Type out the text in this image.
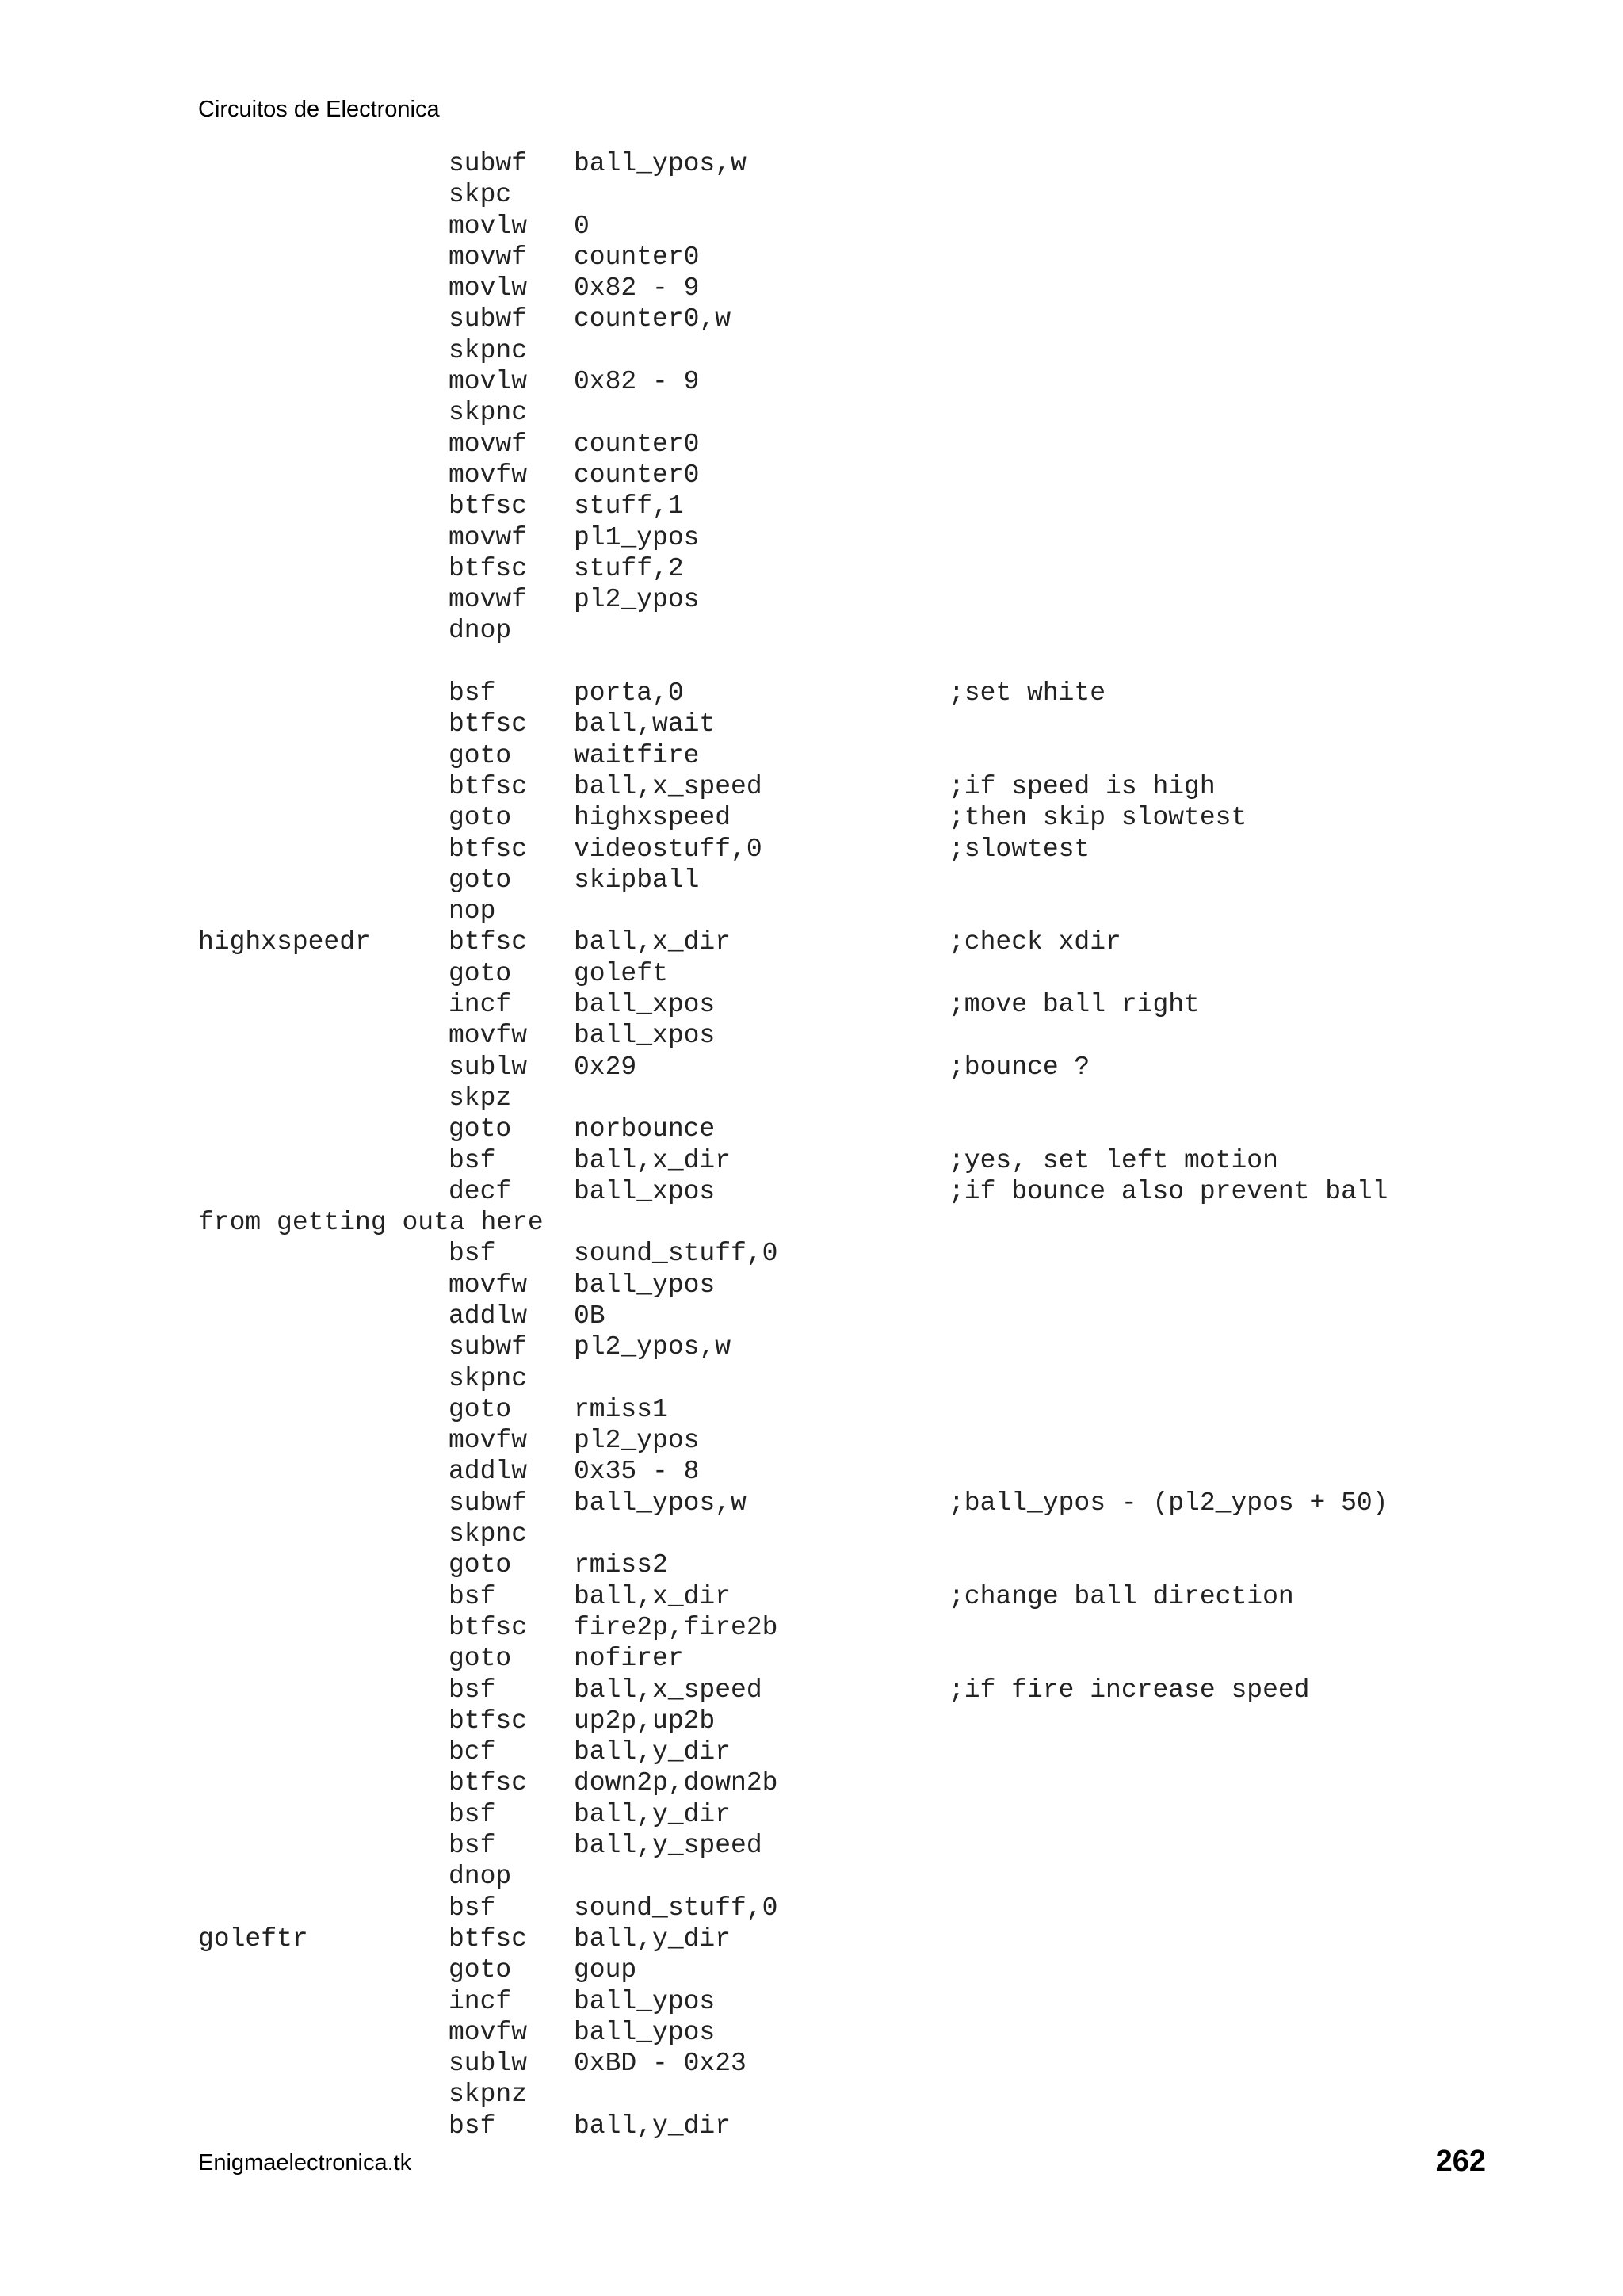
Circuitos de Electronica
subwf ball_ypos,w
skpc
movlw 0
movwf counter0
movlw 0x82 - 9
subwf counter0,w
skpnc
movlw 0x82 - 9
skpnc
movwf counter0
movfw counter0
btfsc stuff,1
movwf pl1_ypos
btfsc stuff,2
movwf pl2_ypos
dnop
bsf	porta,0	;set white
btfsc ball,wait
goto waitfire
btfsc ball,x_speed	;if speed is high
goto highxspeed	;then skip slowtest
btfsc videostuff,0	;slowtest
goto skipball
nop
highxspeedr	btfsc ball,x_dir	;check xdir
goto goleft
incf ball_xpos	;move ball right
movfw ball_xpos
sublw 0x29	;bounce ?
skpz
goto norbounce
bsf	ball,x_dir	;yes, set left motion
decf ball_xpos	;if bounce also prevent ball
from getting outa here
bsf	sound_stuff,0
movfw ball_ypos
addlw 0B
subwf pl2_ypos,w
skpnc
goto rmiss1
movfw pl2_ypos
addlw 0x35 - 8
subwf ball_ypos,w	;ball_ypos - (pl2_ypos + 50)
skpnc
goto rmiss2
bsf	ball,x_dir	;change ball direction
btfsc fire2p,fire2b
goto nofirer
bsf	ball,x_speed	;if fire increase speed
btfsc up2p,up2b
bcf	ball,y_dir
btfsc down2p,down2b
bsf	ball,y_dir
bsf	ball,y_speed
dnop
bsf	sound_stuff,0
goleftr	btfsc ball,y_dir
goto goup
incf ball_ypos
movfw ball_ypos
sublw 0xBD - 0x23
skpnz
bsf	ball,y_dir
Enigmaelectronica.tk	262
